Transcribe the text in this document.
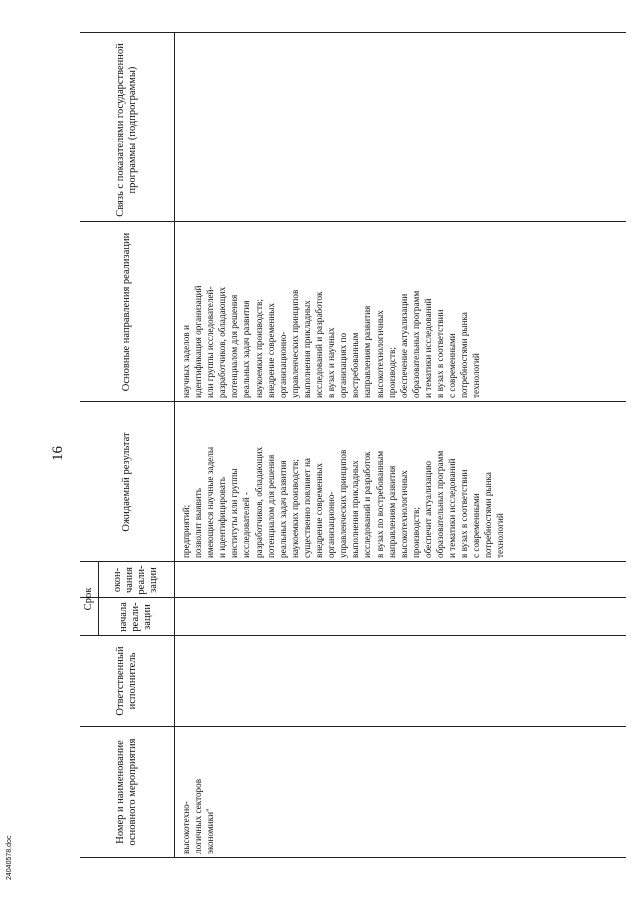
16
Номер и наименование основного мероприятия
Ответственный исполнитель
Срок
начала реали-зации
окон-чания реали-зации
Ожидаемый результат
Связь с показателями государственной программы (подпрограммы)
высокотехно-
логичных секторов
экономики"
предприятий;
позволит выявить
имеющиеся научные заделы
и идентифицировать
институты или группы
исследователей -
разработчиков, обладающих
потенциалом для решения
реальных задач развития
наукоемких производств;
существенно повлияет на
внедрение современных
организационно-
управленческих принципов
выполнения прикладных
исследований и разработок
в вузах по востребованным
направлениям развития
высокотехнологичных
производств;
обеспечит актуализацию
образовательных программ
и тематики исследований
в вузах в соответствии
с современными
потребностями рынка
технологий
научных заделов и
идентификация организаций
или группы исследователей-
разработчиков, обладающих
потенциалом для решения
реальных задач развития
наукоемких производств;
внедрение современных
организационно-
управленческих принципов
выполнения прикладных
исследований и разработок
в вузах и научных
организациях по
востребованным
направлениям развития
высокотехнологичных
производств;
обеспечение актуализации
образовательных программ
и тематики исследований
в вузах в соответствии
с современными
потребностями рынка
технологий
Основные направления реализации
24040578.doc
